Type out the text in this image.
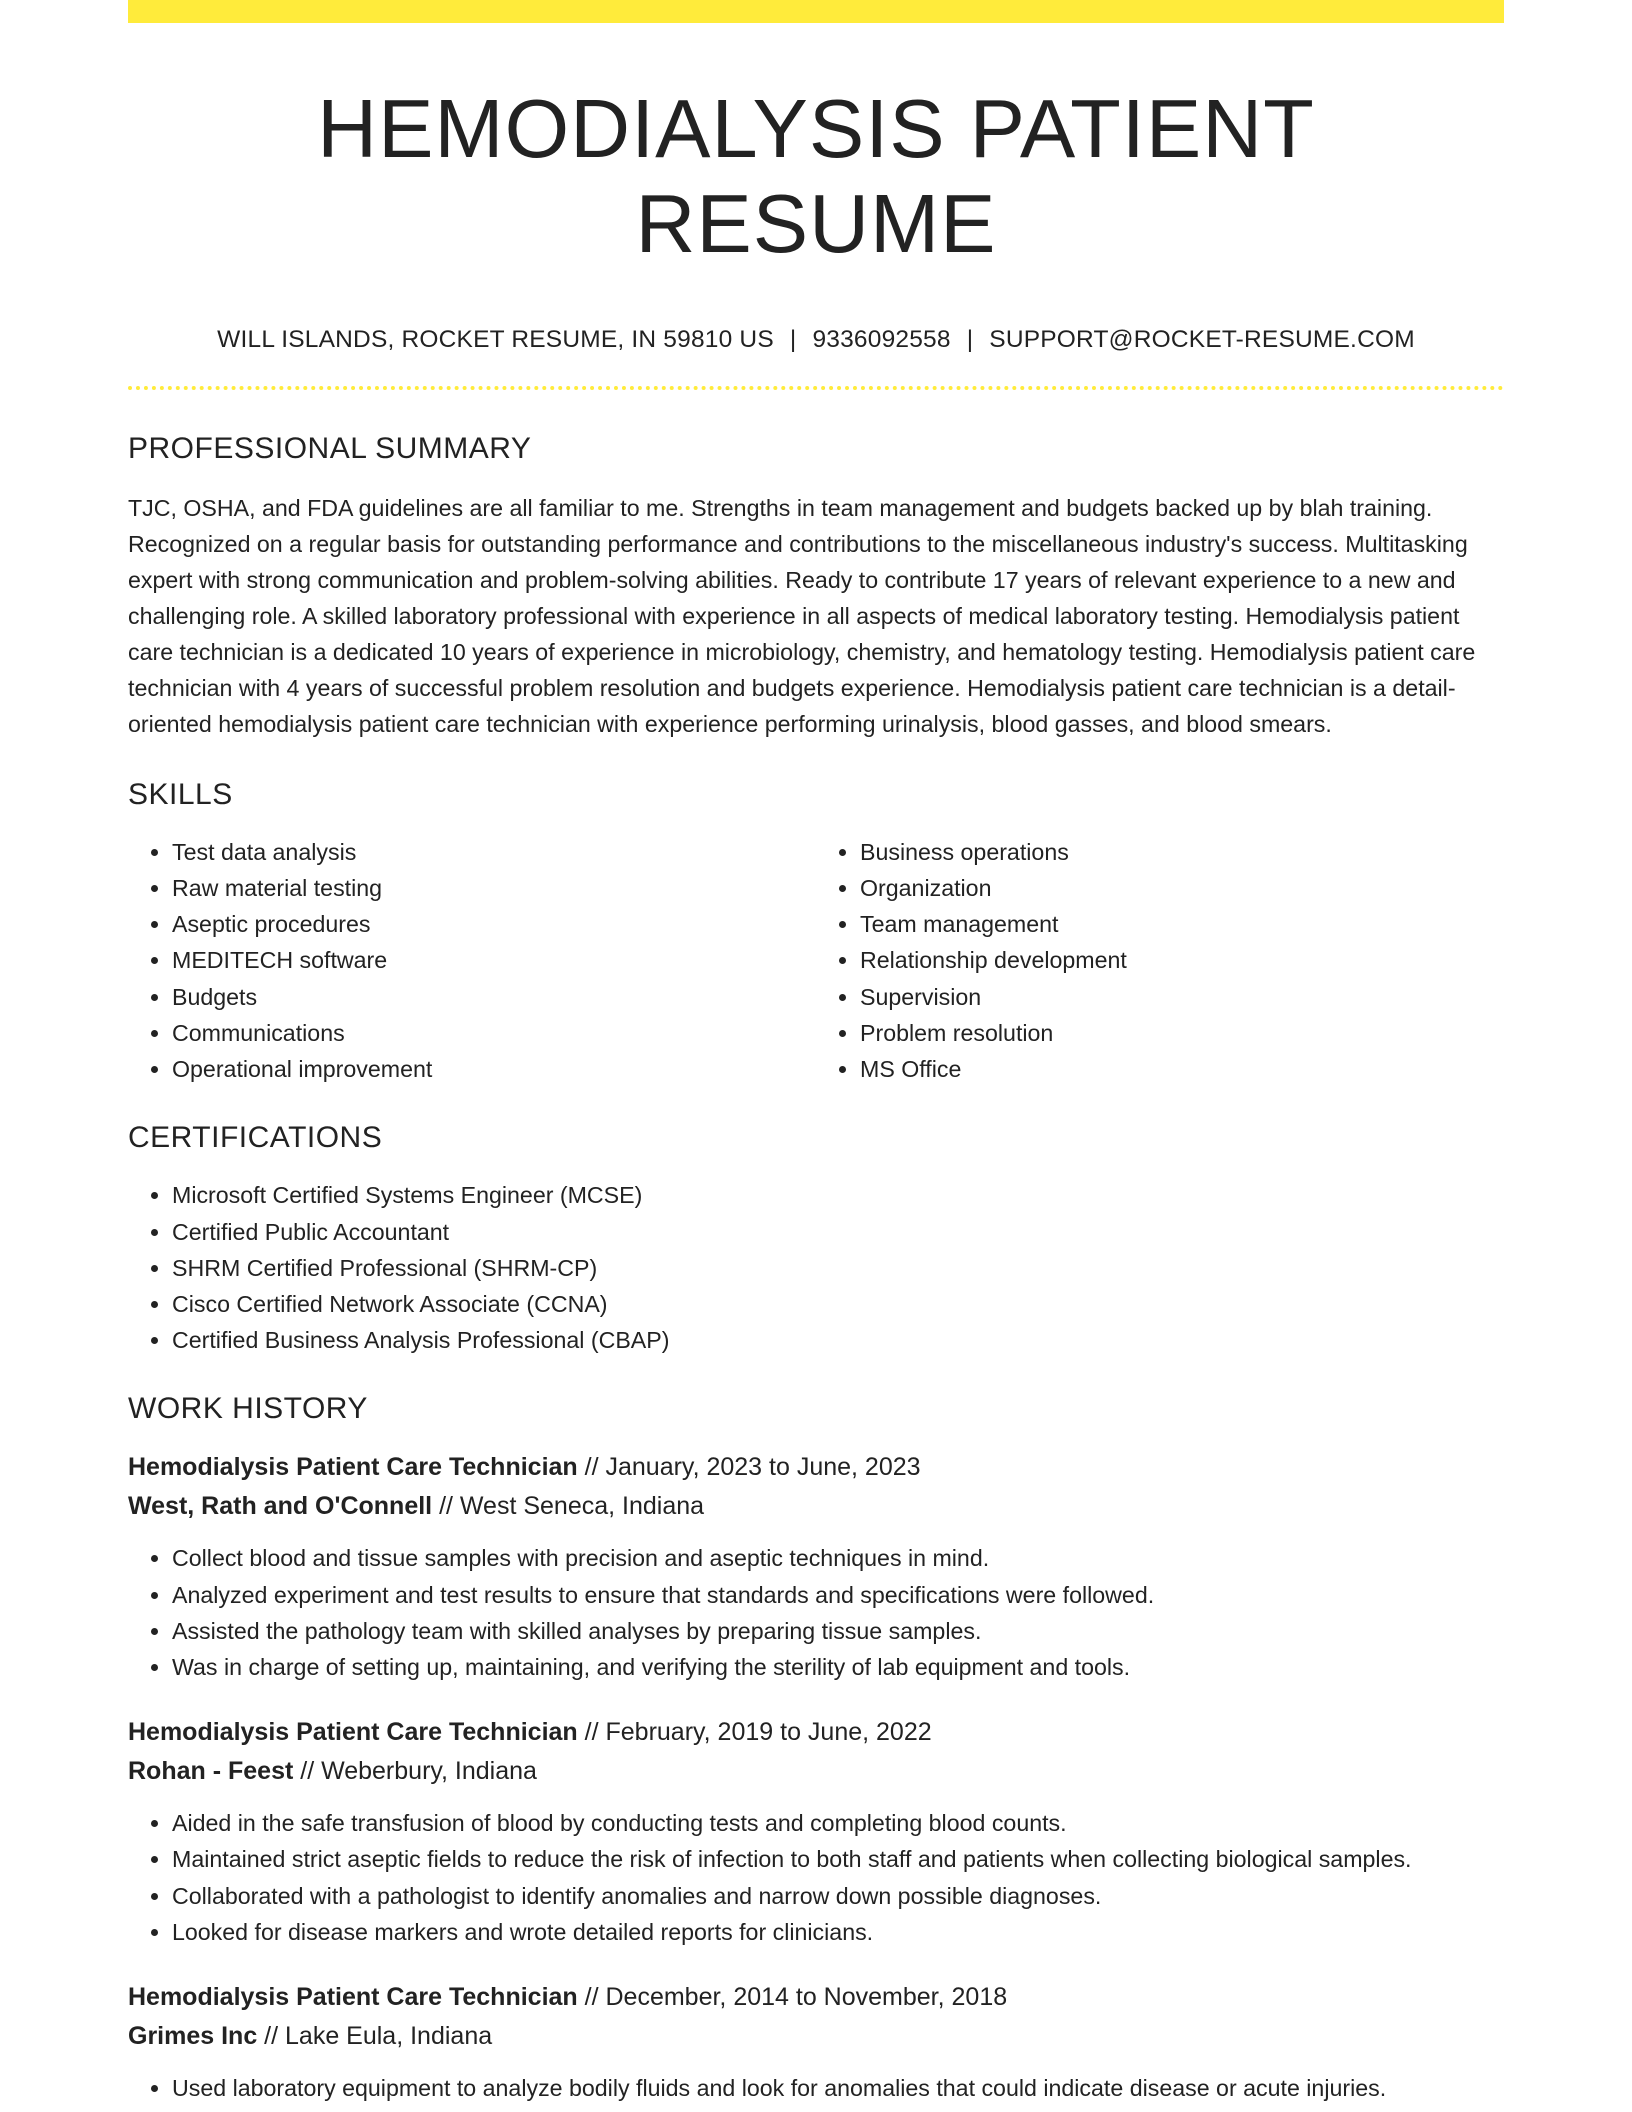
HEMODIALYSIS PATIENT RESUME
WILL ISLANDS, ROCKET RESUME, IN 59810 US | 9336092558 | SUPPORT@ROCKET-RESUME.COM
PROFESSIONAL SUMMARY
TJC, OSHA, and FDA guidelines are all familiar to me. Strengths in team management and budgets backed up by blah training. Recognized on a regular basis for outstanding performance and contributions to the miscellaneous industry's success. Multitasking expert with strong communication and problem-solving abilities. Ready to contribute 17 years of relevant experience to a new and challenging role. A skilled laboratory professional with experience in all aspects of medical laboratory testing. Hemodialysis patient care technician is a dedicated 10 years of experience in microbiology, chemistry, and hematology testing. Hemodialysis patient care technician with 4 years of successful problem resolution and budgets experience. Hemodialysis patient care technician is a detail-oriented hemodialysis patient care technician with experience performing urinalysis, blood gasses, and blood smears.
SKILLS
• Test data analysis
• Raw material testing
• Aseptic procedures
• MEDITECH software
• Budgets
• Communications
• Operational improvement
• Business operations
• Organization
• Team management
• Relationship development
• Supervision
• Problem resolution
• MS Office
CERTIFICATIONS
• Microsoft Certified Systems Engineer (MCSE)
• Certified Public Accountant
• SHRM Certified Professional (SHRM-CP)
• Cisco Certified Network Associate (CCNA)
• Certified Business Analysis Professional (CBAP)
WORK HISTORY
Hemodialysis Patient Care Technician // January, 2023 to June, 2023
West, Rath and O'Connell // West Seneca, Indiana
• Collect blood and tissue samples with precision and aseptic techniques in mind.
• Analyzed experiment and test results to ensure that standards and specifications were followed.
• Assisted the pathology team with skilled analyses by preparing tissue samples.
• Was in charge of setting up, maintaining, and verifying the sterility of lab equipment and tools.
Hemodialysis Patient Care Technician // February, 2019 to June, 2022
Rohan - Feest // Weberbury, Indiana
• Aided in the safe transfusion of blood by conducting tests and completing blood counts.
• Maintained strict aseptic fields to reduce the risk of infection to both staff and patients when collecting biological samples.
• Collaborated with a pathologist to identify anomalies and narrow down possible diagnoses.
• Looked for disease markers and wrote detailed reports for clinicians.
Hemodialysis Patient Care Technician // December, 2014 to November, 2018
Grimes Inc // Lake Eula, Indiana
• Used laboratory equipment to analyze bodily fluids and look for anomalies that could indicate disease or acute injuries.
